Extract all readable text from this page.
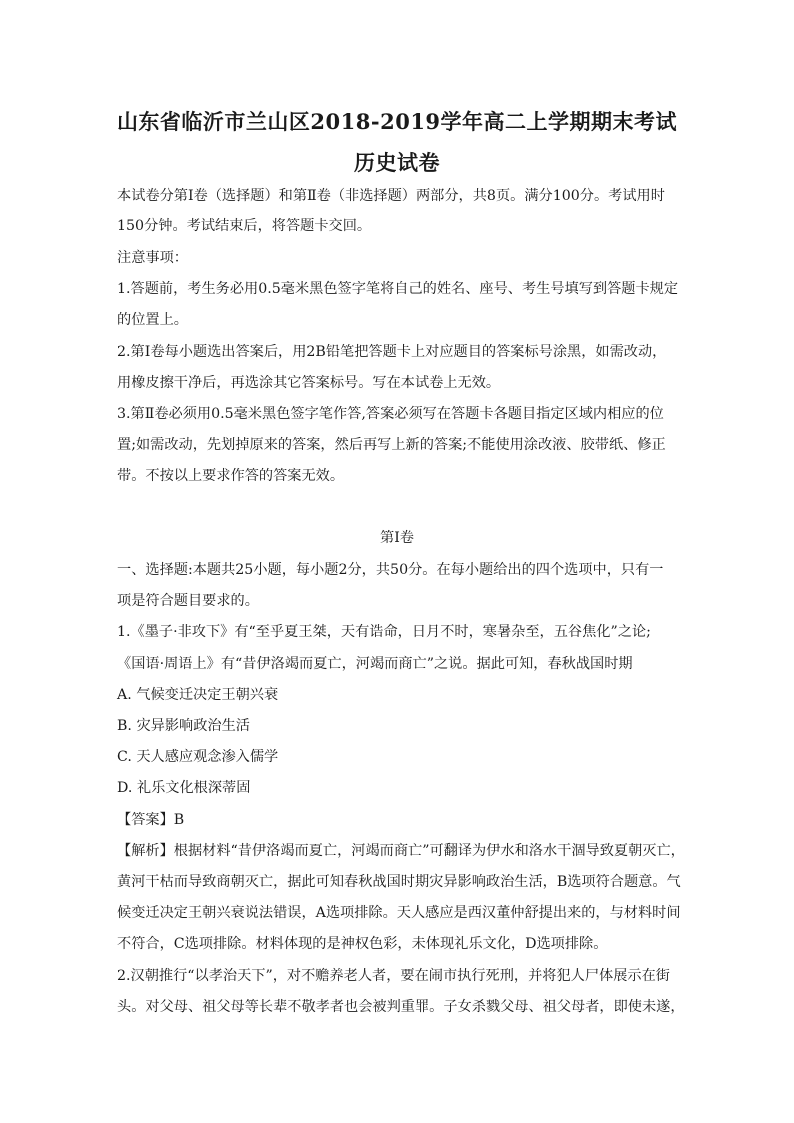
山东省临沂市兰山区2018-2019学年高二上学期期末考试
历史试卷
本试卷分第Ⅰ卷（选择题）和第Ⅱ卷（非选择题）两部分，共8页。满分100分。考试用时
150分钟。考试结束后，将答题卡交回。
注意事项：
1.答题前，考生务必用0.5毫米黑色签字笔将自己的姓名、座号、考生号填写到答题卡规定
的位置上。
2.第Ⅰ卷每小题选出答案后，用2B铅笔把答题卡上对应题目的答案标号涂黑，如需改动，
用橡皮擦干净后，再选涂其它答案标号。写在本试卷上无效。
3.第Ⅱ卷必须用0.5毫米黑色签字笔作答,答案必须写在答题卡各题目指定区域内相应的位
置;如需改动，先划掉原来的答案，然后再写上新的答案;不能使用涂改液、胶带纸、修正
带。不按以上要求作答的答案无效。
第Ⅰ卷
一、选择题:本题共25小题，每小题2分，共50分。在每小题给出的四个选项中，只有一
项是符合题目要求的。
1.《墨子·非攻下》有“至乎夏王桀，天有诰命，日月不时，寒暑杂至，五谷焦化”之论;
《国语·周语上》有“昔伊洛竭而夏亡，河竭而商亡”之说。据此可知，春秋战国时期
A. 气候变迁决定王朝兴衰
B. 灾异影响政治生活
C. 天人感应观念渗入儒学
D. 礼乐文化根深蒂固
【答案】B
【解析】根据材料“昔伊洛竭而夏亡，河竭而商亡”可翻译为伊水和洛水干涸导致夏朝灭亡，
黄河干枯而导致商朝灭亡，据此可知春秋战国时期灾异影响政治生活，B选项符合题意。气
候变迁决定王朝兴衰说法错误，A选项排除。天人感应是西汉董仲舒提出来的，与材料时间
不符合，C选项排除。材料体现的是神权色彩，未体现礼乐文化，D选项排除。
2.汉朝推行“以孝治天下”，对不赡养老人者，要在闹市执行死刑，并将犯人尸体展示在街
头。对父母、祖父母等长辈不敬孝者也会被判重罪。子女杀戮父母、祖父母者，即使未遂，
